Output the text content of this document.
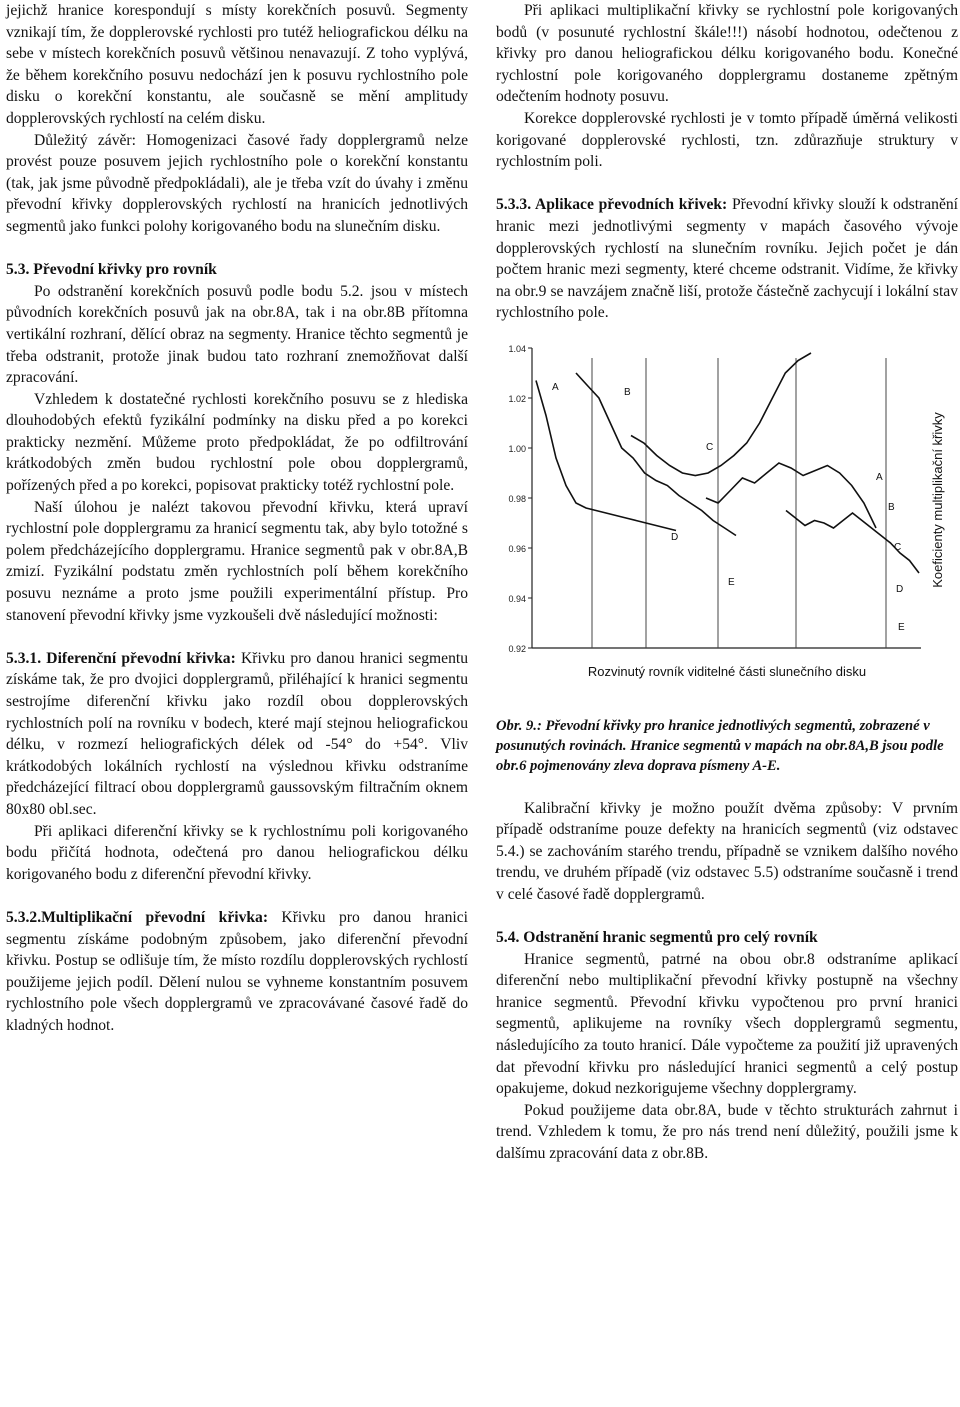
jejichž hranice korespondují s místy korekčních posuvů. Segmenty vznikají tím, že dopplerovské rychlosti pro tutéž heliografickou délku na sebe v místech korekčních posuvů většinou nenavazují. Z toho vyplývá, že během korekčního posuvu nedochází jen k posuvu rychlostního pole disku o korekční konstantu, ale současně se mění amplitudy dopplerovských rychlostí na celém disku.

Důležitý závěr: Homogenizaci časové řady dopplergramů nelze provést pouze posuvem jejich rychlostního pole o korekční konstantu (tak, jak jsme původně předpokládali), ale je třeba vzít do úvahy i změnu převodní křivky dopplerovských rychlostí na hranicích jednotlivých segmentů jako funkci polohy korigovaného bodu na slunečním disku.

5.3. Převodní křivky pro rovník

Po odstranění korekčních posuvů podle bodu 5.2. jsou v místech původních korekčních posuvů jak na obr.8A, tak i na obr.8B přítomna vertikální rozhraní, dělící obraz na segmenty. Hranice těchto segmentů je třeba odstranit, protože jinak budou tato rozhraní znemožňovat další zpracování.

Vzhledem k dostatečné rychlosti korekčního posuvu se z hlediska dlouhodobých efektů fyzikální podmínky na disku před a po korekci prakticky nezmění. Můžeme proto předpokládat, že po odfiltrování krátkodobých změn budou rychlostní pole obou dopplergramů, pořízených před a po korekci, popisovat prakticky totéž rychlostní pole.

Naší úlohou je nalézt takovou převodní křivku, která upraví rychlostní pole dopplergramu za hranicí segmentu tak, aby bylo totožné s polem předcházejícího dopplergramu. Hranice segmentů pak v obr.8A,B zmizí. Fyzikální podstatu změn rychlostních polí během korekčního posuvu neznáme a proto jsme použili experimentální přístup. Pro stanovení převodní křivky jsme vyzkoušeli dvě následující možnosti:

5.3.1. Diferenční převodní křivka: Křivku pro danou hranici segmentu získáme tak, že pro dvojici dopplergramů, přiléhající k hranici segmentu sestrojíme diferenční křivku jako rozdíl obou dopplerovských rychlostních polí na rovníku v bodech, které mají stejnou heliografickou délku, v rozmezí heliografických délek od -54° do +54°. Vliv krátkodobých lokálních rychlostí na výslednou křivku odstraníme předcházející filtrací obou dopplergramů gaussovským filtračním oknem 80x80 obl.sec.

Při aplikaci diferenční křivky se k rychlostnímu poli korigovaného bodu přičítá hodnota, odečtená pro danou heliografickou délku korigovaného bodu z diferenční převodní křivky.

5.3.2.Multiplikační převodní křivka: Křivku pro danou hranici segmentu získáme podobným způsobem, jako diferenční převodní křivku. Postup se odlišuje tím, že místo rozdílu dopplerovských rychlostí použijeme jejich podíl. Dělení nulou se vyhneme konstantním posuvem rychlostního pole všech dopplergramů ve zpracovávané časové řadě do kladných hodnot.

Při aplikaci multiplikační křivky se rychlostní pole korigovaných bodů (v posunuté rychlostní škále!!!) násobí hodnotou, odečtenou z křivky pro danou heliografickou délku korigovaného bodu. Konečné rychlostní pole korigovaného dopplergramu dostaneme zpětným odečtením hodnoty posuvu.

Korekce dopplerovské rychlosti je v tomto případě úměrná velikosti korigované dopplerovské rychlosti, tzn. zdůrazňuje struktury v rychlostním poli.

5.3.3. Aplikace převodních křivek: Převodní křivky slouží k odstranění hranic mezi jednotlivými segmenty v mapách časového vývoje dopplerovských rychlostí na slunečním rovníku. Jejich počet je dán počtem hranic mezi segmenty, které chceme odstranit. Vidíme, že křivky na obr.9 se navzájem značně liší, protože částečně zachycují i lokální stav rychlostního pole.

1.04
1.02
1.00
0.98
0.96
0.94
0.92
A	B
C
D
E
A
B
C
D
E
Rozvinutý rovník viditelné části slunečního disku
Koeficienty multiplikační křivky

Obr. 9.: Převodní křivky pro hranice jednotlivých segmentů, zobrazené v posunutých rovinách. Hranice segmentů v mapách na obr.8A,B jsou podle obr.6 pojmenovány zleva doprava písmeny A-E.

Kalibrační křivky je možno použít dvěma způsoby: V prvním případě odstraníme pouze defekty na hranicích segmentů (viz odstavec 5.4.) se zachováním starého trendu, případně se vznikem dalšího nového trendu, ve druhém případě (viz odstavec 5.5) odstraníme současně i trend v celé časové řadě dopplergramů.

5.4. Odstranění hranic segmentů pro celý rovník

Hranice segmentů, patrné na obou obr.8 odstraníme aplikací diferenční nebo multiplikační převodní křivky postupně na všechny hranice segmentů. Převodní křivku vypočtenou pro první hranici segmentů, aplikujeme na rovníky všech dopplergramů segmentu, následujícího za touto hranicí. Dále vypočteme za použití již upravených dat převodní křivku pro následující hranici segmentů a celý postup opakujeme, dokud nezkorigujeme všechny dopplergramy.

Pokud použijeme data obr.8A, bude v těchto strukturách zahrnut i trend. Vzhledem k tomu, že pro nás trend není důležitý, použili jsme k dalšímu zpracování data z obr.8B.
